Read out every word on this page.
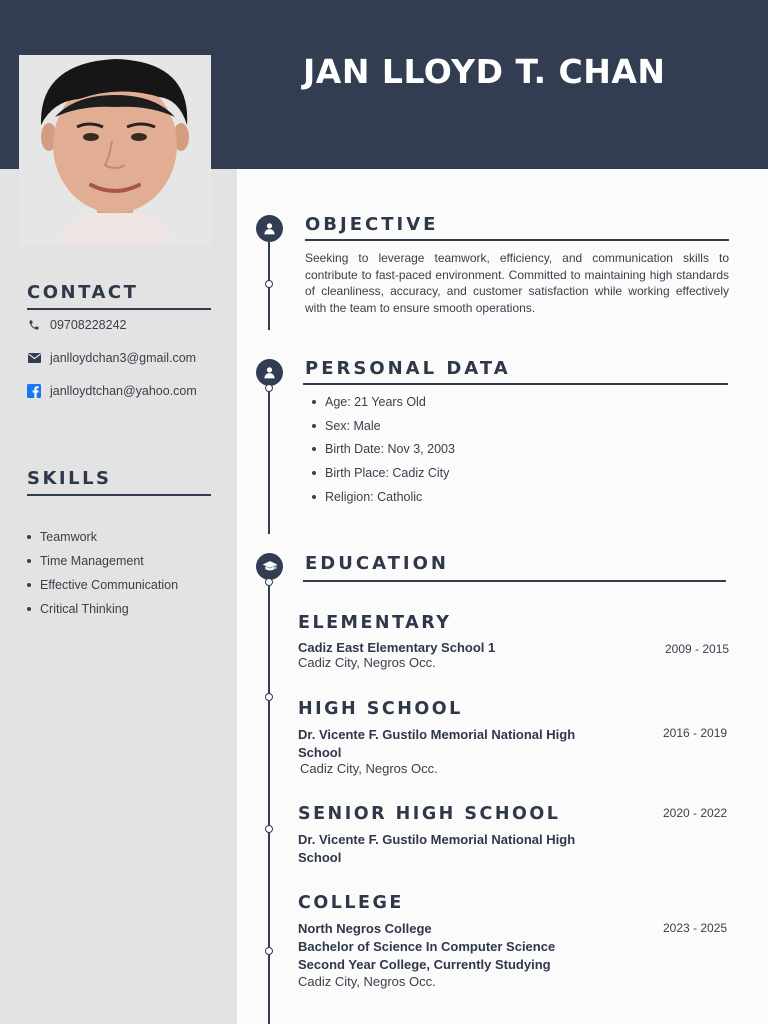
JAN LLOYD T. CHAN
CONTACT
09708228242
janlloydchan3@gmail.com
janlloydtchan@yahoo.com
SKILLS
Teamwork
Time Management
Effective Communication
Critical Thinking
OBJECTIVE

Seeking to leverage teamwork, efficiency, and communication skills to contribute to fast-paced environment. Committed to maintaining high standards of cleanliness, accuracy, and customer satisfaction while working effectively with the team to ensure smooth operations.

PERSONAL DATA
Age: 21 Years Old
Sex: Male
Birth Date: Nov 3, 2003
Birth Place: Cadiz City
Religion: Catholic
EDUCATION
ELEMENTARY
Cadiz East Elementary School 1
Cadiz City, Negros Occ.
2009 - 2015
HIGH SCHOOL
Dr. Vicente F. Gustilo Memorial National High School
Cadiz City, Negros Occ.
2016 - 2019
SENIOR HIGH SCHOOL
Dr. Vicente F. Gustilo Memorial National High School
2020 - 2022
COLLEGE
North Negros College
Bachelor of Science In Computer Science
Second Year College, Currently Studying
Cadiz City, Negros Occ.
2023 - 2025
